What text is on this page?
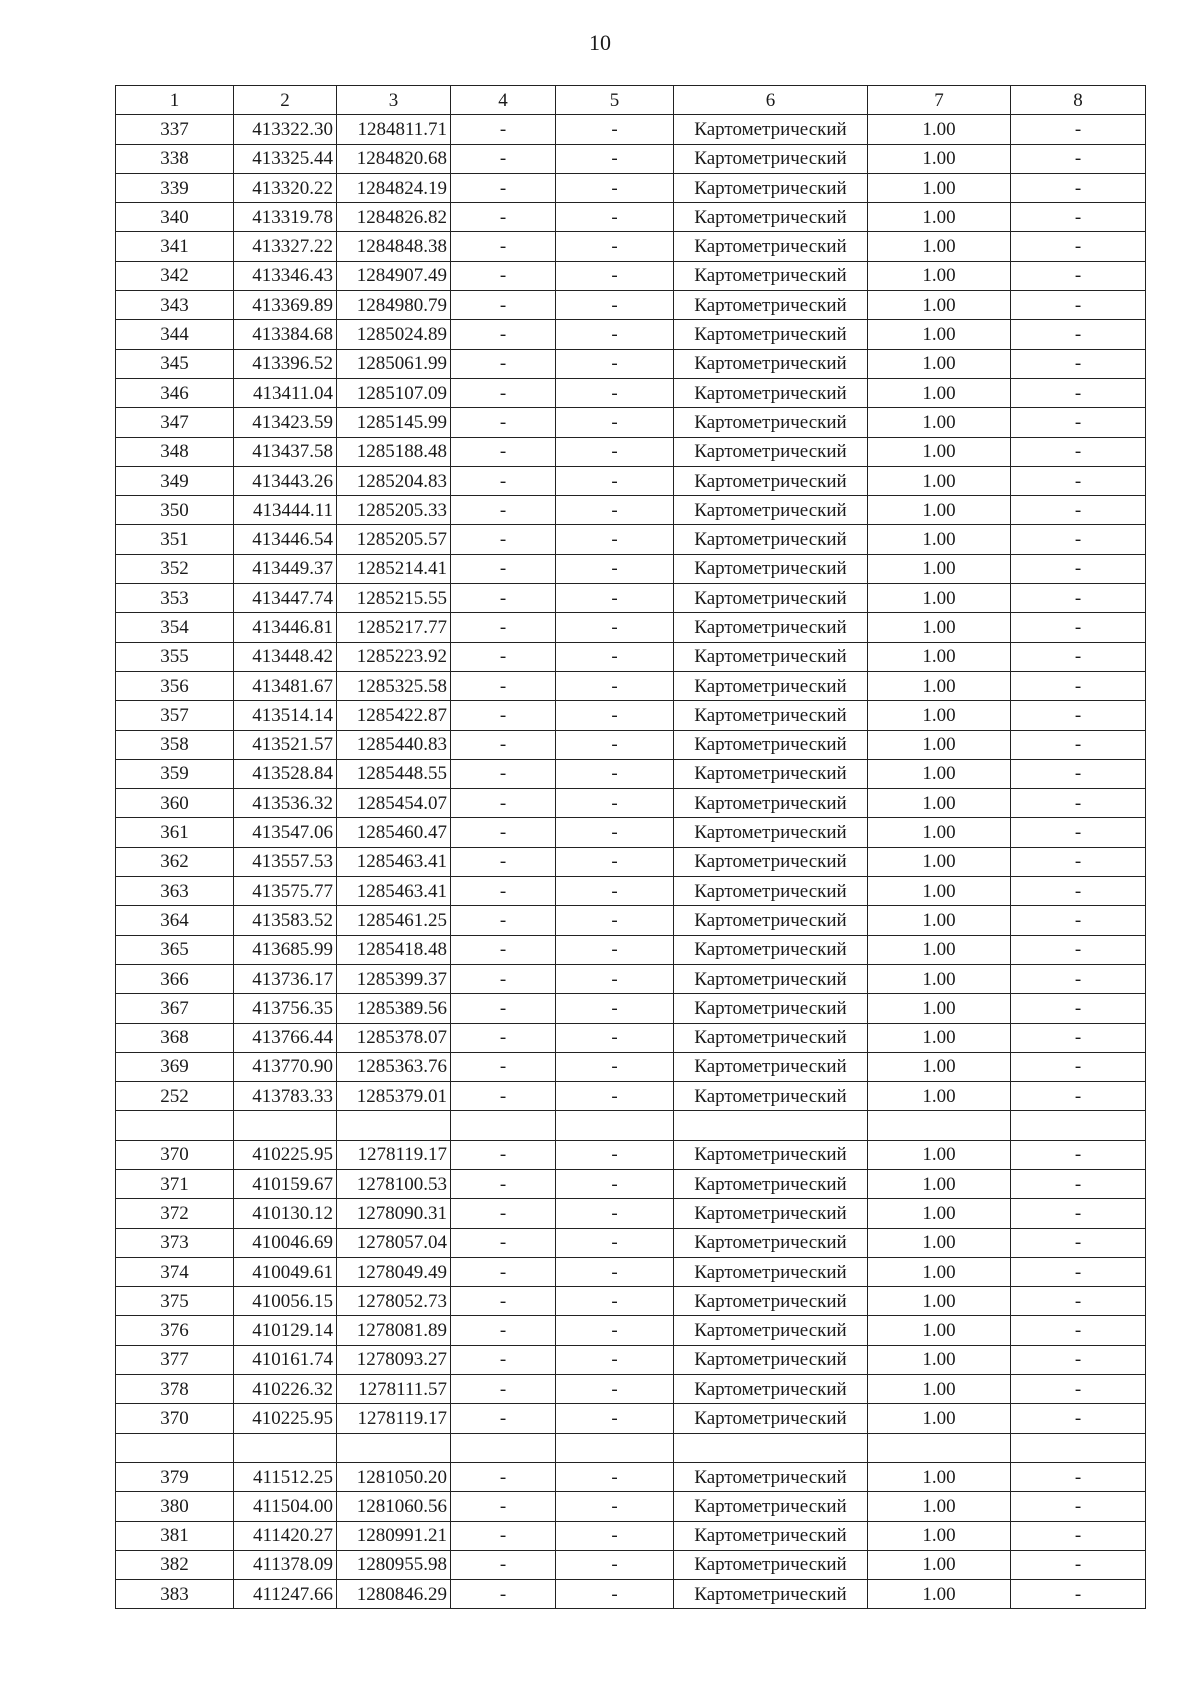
10
1	2	3	4	5	6	7	8
337	413322.30	1284811.71	-	-	Картометрический	1.00	-
338	413325.44	1284820.68	-	-	Картометрический	1.00	-
339	413320.22	1284824.19	-	-	Картометрический	1.00	-
340	413319.78	1284826.82	-	-	Картометрический	1.00	-
341	413327.22	1284848.38	-	-	Картометрический	1.00	-
342	413346.43	1284907.49	-	-	Картометрический	1.00	-
343	413369.89	1284980.79	-	-	Картометрический	1.00	-
344	413384.68	1285024.89	-	-	Картометрический	1.00	-
345	413396.52	1285061.99	-	-	Картометрический	1.00	-
346	413411.04	1285107.09	-	-	Картометрический	1.00	-
347	413423.59	1285145.99	-	-	Картометрический	1.00	-
348	413437.58	1285188.48	-	-	Картометрический	1.00	-
349	413443.26	1285204.83	-	-	Картометрический	1.00	-
350	413444.11	1285205.33	-	-	Картометрический	1.00	-
351	413446.54	1285205.57	-	-	Картометрический	1.00	-
352	413449.37	1285214.41	-	-	Картометрический	1.00	-
353	413447.74	1285215.55	-	-	Картометрический	1.00	-
354	413446.81	1285217.77	-	-	Картометрический	1.00	-
355	413448.42	1285223.92	-	-	Картометрический	1.00	-
356	413481.67	1285325.58	-	-	Картометрический	1.00	-
357	413514.14	1285422.87	-	-	Картометрический	1.00	-
358	413521.57	1285440.83	-	-	Картометрический	1.00	-
359	413528.84	1285448.55	-	-	Картометрический	1.00	-
360	413536.32	1285454.07	-	-	Картометрический	1.00	-
361	413547.06	1285460.47	-	-	Картометрический	1.00	-
362	413557.53	1285463.41	-	-	Картометрический	1.00	-
363	413575.77	1285463.41	-	-	Картометрический	1.00	-
364	413583.52	1285461.25	-	-	Картометрический	1.00	-
365	413685.99	1285418.48	-	-	Картометрический	1.00	-
366	413736.17	1285399.37	-	-	Картометрический	1.00	-
367	413756.35	1285389.56	-	-	Картометрический	1.00	-
368	413766.44	1285378.07	-	-	Картометрический	1.00	-
369	413770.90	1285363.76	-	-	Картометрический	1.00	-
252	413783.33	1285379.01	-	-	Картометрический	1.00	-

370	410225.95	1278119.17	-	-	Картометрический	1.00	-
371	410159.67	1278100.53	-	-	Картометрический	1.00	-
372	410130.12	1278090.31	-	-	Картометрический	1.00	-
373	410046.69	1278057.04	-	-	Картометрический	1.00	-
374	410049.61	1278049.49	-	-	Картометрический	1.00	-
375	410056.15	1278052.73	-	-	Картометрический	1.00	-
376	410129.14	1278081.89	-	-	Картометрический	1.00	-
377	410161.74	1278093.27	-	-	Картометрический	1.00	-
378	410226.32	1278111.57	-	-	Картометрический	1.00	-
370	410225.95	1278119.17	-	-	Картометрический	1.00	-

379	411512.25	1281050.20	-	-	Картометрический	1.00	-
380	411504.00	1281060.56	-	-	Картометрический	1.00	-
381	411420.27	1280991.21	-	-	Картометрический	1.00	-
382	411378.09	1280955.98	-	-	Картометрический	1.00	-
383	411247.66	1280846.29	-	-	Картометрический	1.00	-
